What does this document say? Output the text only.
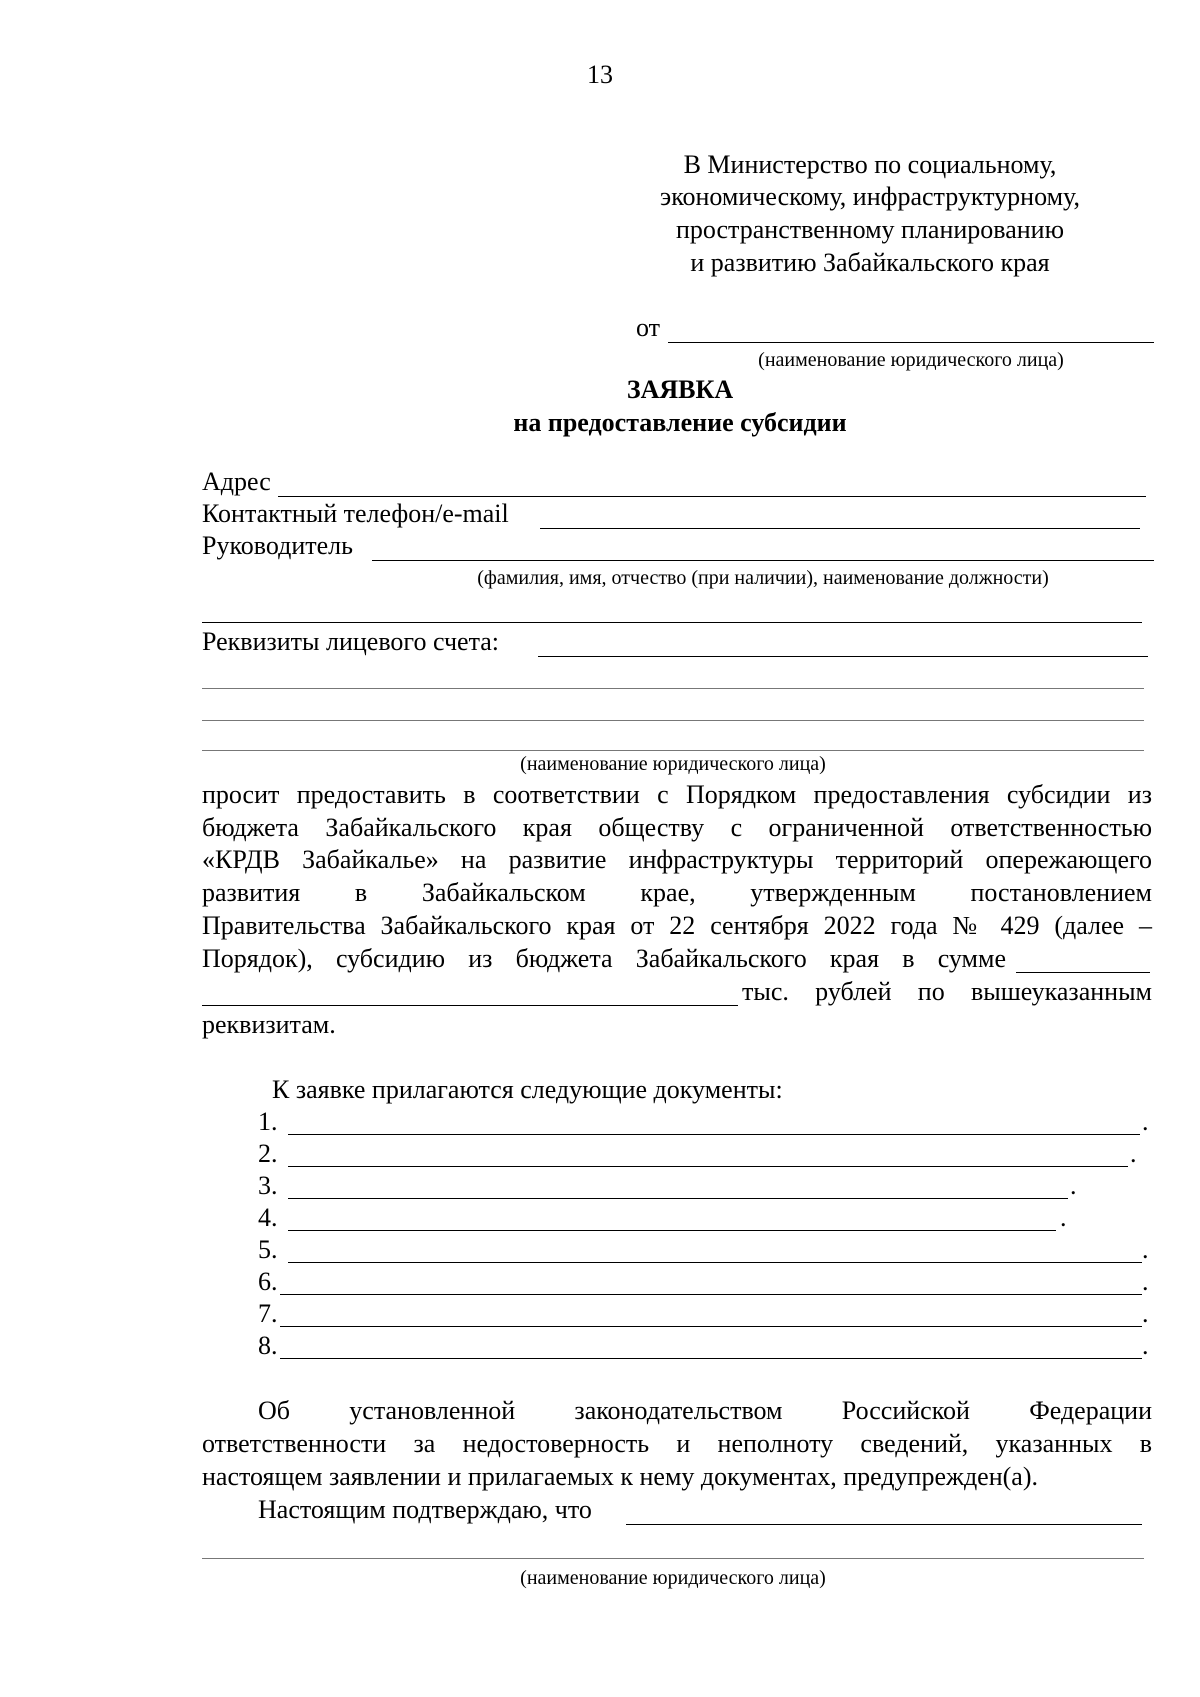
13
В Министерство по социальному,
экономическому, инфраструктурному,
пространственному планированию
и развитию Забайкальского края
от
(наименование юридического лица)
ЗАЯВКА
на предоставление субсидии
Адрес
Контактный телефон/e-mail
Руководитель
(фамилия, имя, отчество (при наличии), наименование должности)
Реквизиты лицевого счета:
(наименование юридического лица)
просит предоставить в соответствии с Порядком предоставления субсидии из
бюджета Забайкальского края обществу с ограниченной ответственностью
«КРДВ Забайкалье» на развитие инфраструктуры территорий опережающего
развития в Забайкальском крае, утвержденным постановлением
Правительства Забайкальского края от 22 сентября 2022 года № 429 (далее –
Порядок), субсидию из бюджета Забайкальского края в сумме
тыс. рублей по вышеуказанным
реквизитам.
К заявке прилагаются следующие документы:
1.	.
2.	.
3.	.
4.	.
5.	.
6.	.
7.	.
8.	.
Об установленной законодательством Российской Федерации
ответственности за недостоверность и неполноту сведений, указанных в
настоящем заявлении и прилагаемых к нему документах, предупрежден(а).
Настоящим подтверждаю, что
(наименование юридического лица)
